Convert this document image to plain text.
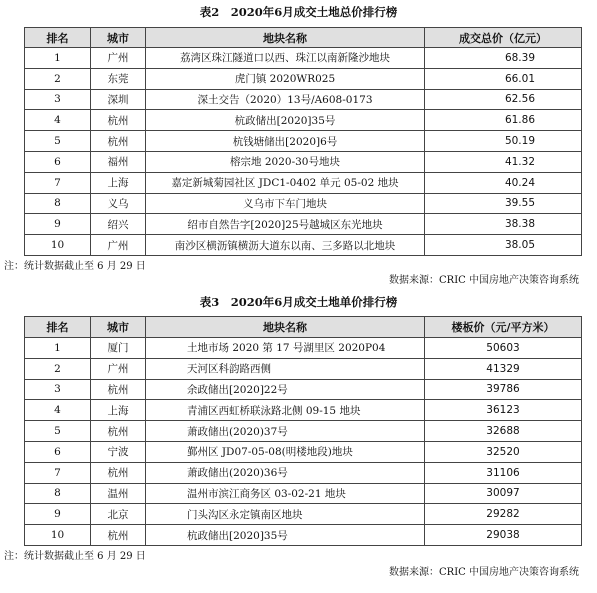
表2　2020年6月成交土地总价排行榜
排名	城市	地块名称	成交总价（亿元）
1	广州	荔湾区珠江隧道口以西、珠江以南新隆沙地块	68.39
2	东莞	虎门镇 2020WR025	66.01
3	深圳	深土交告（2020）13号/A608-0173	62.56
4	杭州	杭政储出[2020]35号	61.86
5	杭州	杭钱塘储出[2020]6号	50.19
6	福州	榕宗地 2020-30号地块	41.32
7	上海	嘉定新城菊园社区 JDC1-0402 单元 05-02 地块	40.24
8	义乌	义乌市下车门地块	39.55
9	绍兴	绍市自然告字[2020]25号越城区东光地块	38.38
10	广州	南沙区横沥镇横沥大道东以南、三多路以北地块	38.05
注：统计数据截止至 6 月 29 日
数据来源：CRIC 中国房地产决策咨询系统
表3　2020年6月成交土地单价排行榜
排名	城市	地块名称	楼板价（元/平方米）
1	厦门	土地市场 2020 第 17 号湖里区 2020P04	50603
2	广州	天河区科韵路西侧	41329
3	杭州	余政储出[2020]22号	39786
4	上海	青浦区西虹桥联泳路北侧 09-15 地块	36123
5	杭州	萧政储出(2020)37号	32688
6	宁波	鄞州区 JD07-05-08(明楼地段)地块	32520
7	杭州	萧政储出(2020)36号	31106
8	温州	温州市滨江商务区 03-02-21 地块	30097
9	北京	门头沟区永定镇南区地块	29282
10	杭州	杭政储出[2020]35号	29038
注：统计数据截止至 6 月 29 日
数据来源：CRIC 中国房地产决策咨询系统
